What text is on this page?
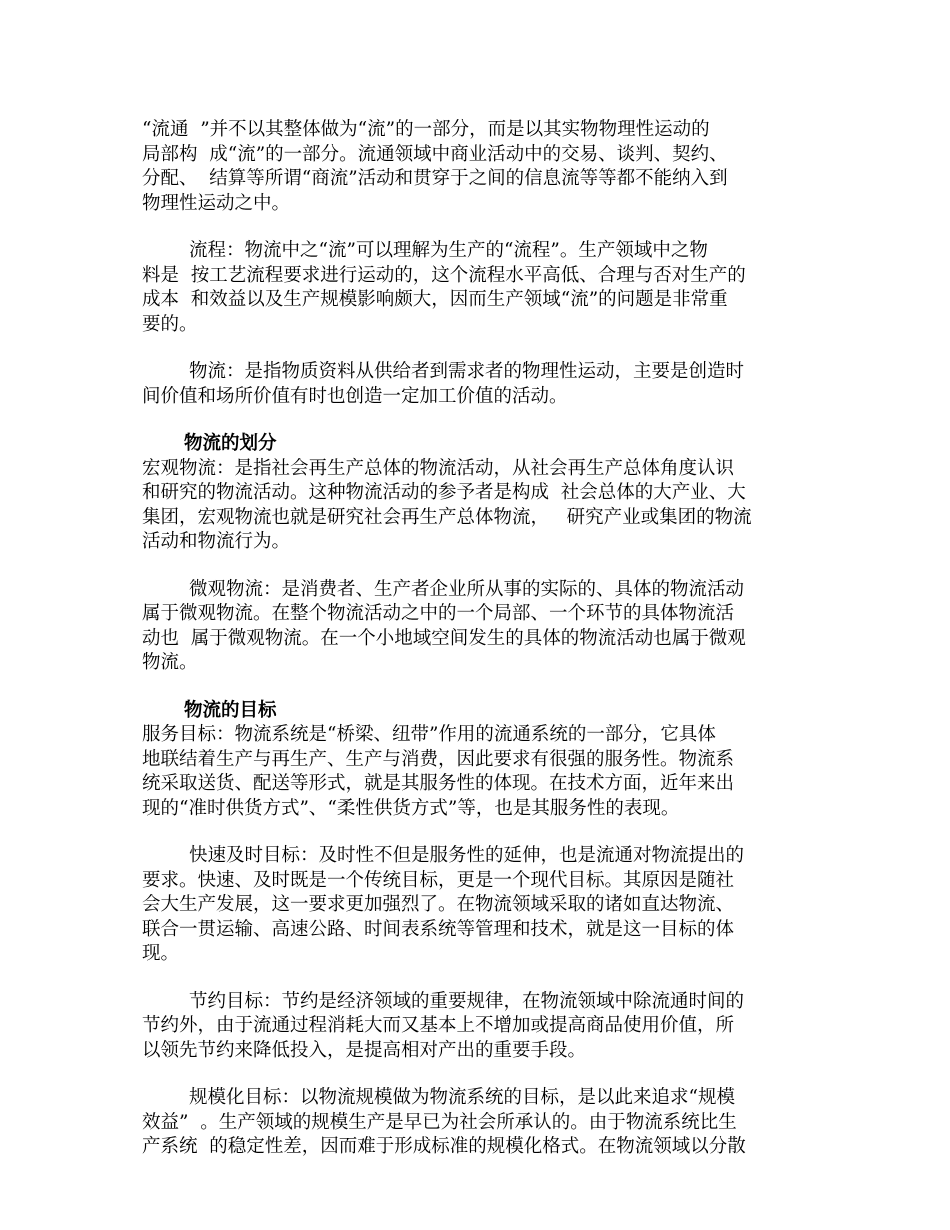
“流通  ”并不以其整体做为“流”的一部分，而是以其实物物理性运动的
局部构  成“流”的一部分。流通领域中商业活动中的交易、谈判、契约、
分配、  结算等所谓“商流”活动和贯穿于之间的信息流等等都不能纳入到
物理性运动之中。
流程：物流中之“流”可以理解为生产的“流程”。生产领域中之物
料是  按工艺流程要求进行运动的，这个流程水平高低、合理与否对生产的
成本  和效益以及生产规模影响颇大，因而生产领域“流”的问题是非常重
要的。
物流：是指物质资料从供给者到需求者的物理性运动，主要是创造时
间价值和场所价值有时也创造一定加工价值的活动。
物流的划分
宏观物流：是指社会再生产总体的物流活动，从社会再生产总体角度认识
和研究的物流活动。这种物流活动的参予者是构成  社会总体的大产业、大
集团，宏观物流也就是研究社会再生产总体物流，   研究产业或集团的物流
活动和物流行为。
微观物流：是消费者、生产者企业所从事的实际的、具体的物流活动
属于微观物流。在整个物流活动之中的一个局部、一个环节的具体物流活
动也  属于微观物流。在一个小地域空间发生的具体的物流活动也属于微观
物流。
物流的目标
服务目标：物流系统是“桥梁、纽带”作用的流通系统的一部分，它具体
地联结着生产与再生产、生产与消费，因此要求有很强的服务性。物流系
统采取送货、配送等形式，就是其服务性的体现。在技术方面，近年来出
现的“准时供货方式”、“柔性供货方式”等，也是其服务性的表现。
快速及时目标：及时性不但是服务性的延伸，也是流通对物流提出的
要求。快速、及时既是一个传统目标，更是一个现代目标。其原因是随社
会大生产发展，这一要求更加强烈了。在物流领域采取的诸如直达物流、
联合一贯运输、高速公路、时间表系统等管理和技术，就是这一目标的体
现。
节约目标：节约是经济领域的重要规律，在物流领域中除流通时间的
节约外，由于流通过程消耗大而又基本上不增加或提高商品使用价值，所
以领先节约来降低投入，是提高相对产出的重要手段。
规模化目标：以物流规模做为物流系统的目标，是以此来追求“规模
效益”  。生产领域的规模生产是早已为社会所承认的。由于物流系统比生
产系统  的稳定性差，因而难于形成标准的规模化格式。在物流领域以分散
